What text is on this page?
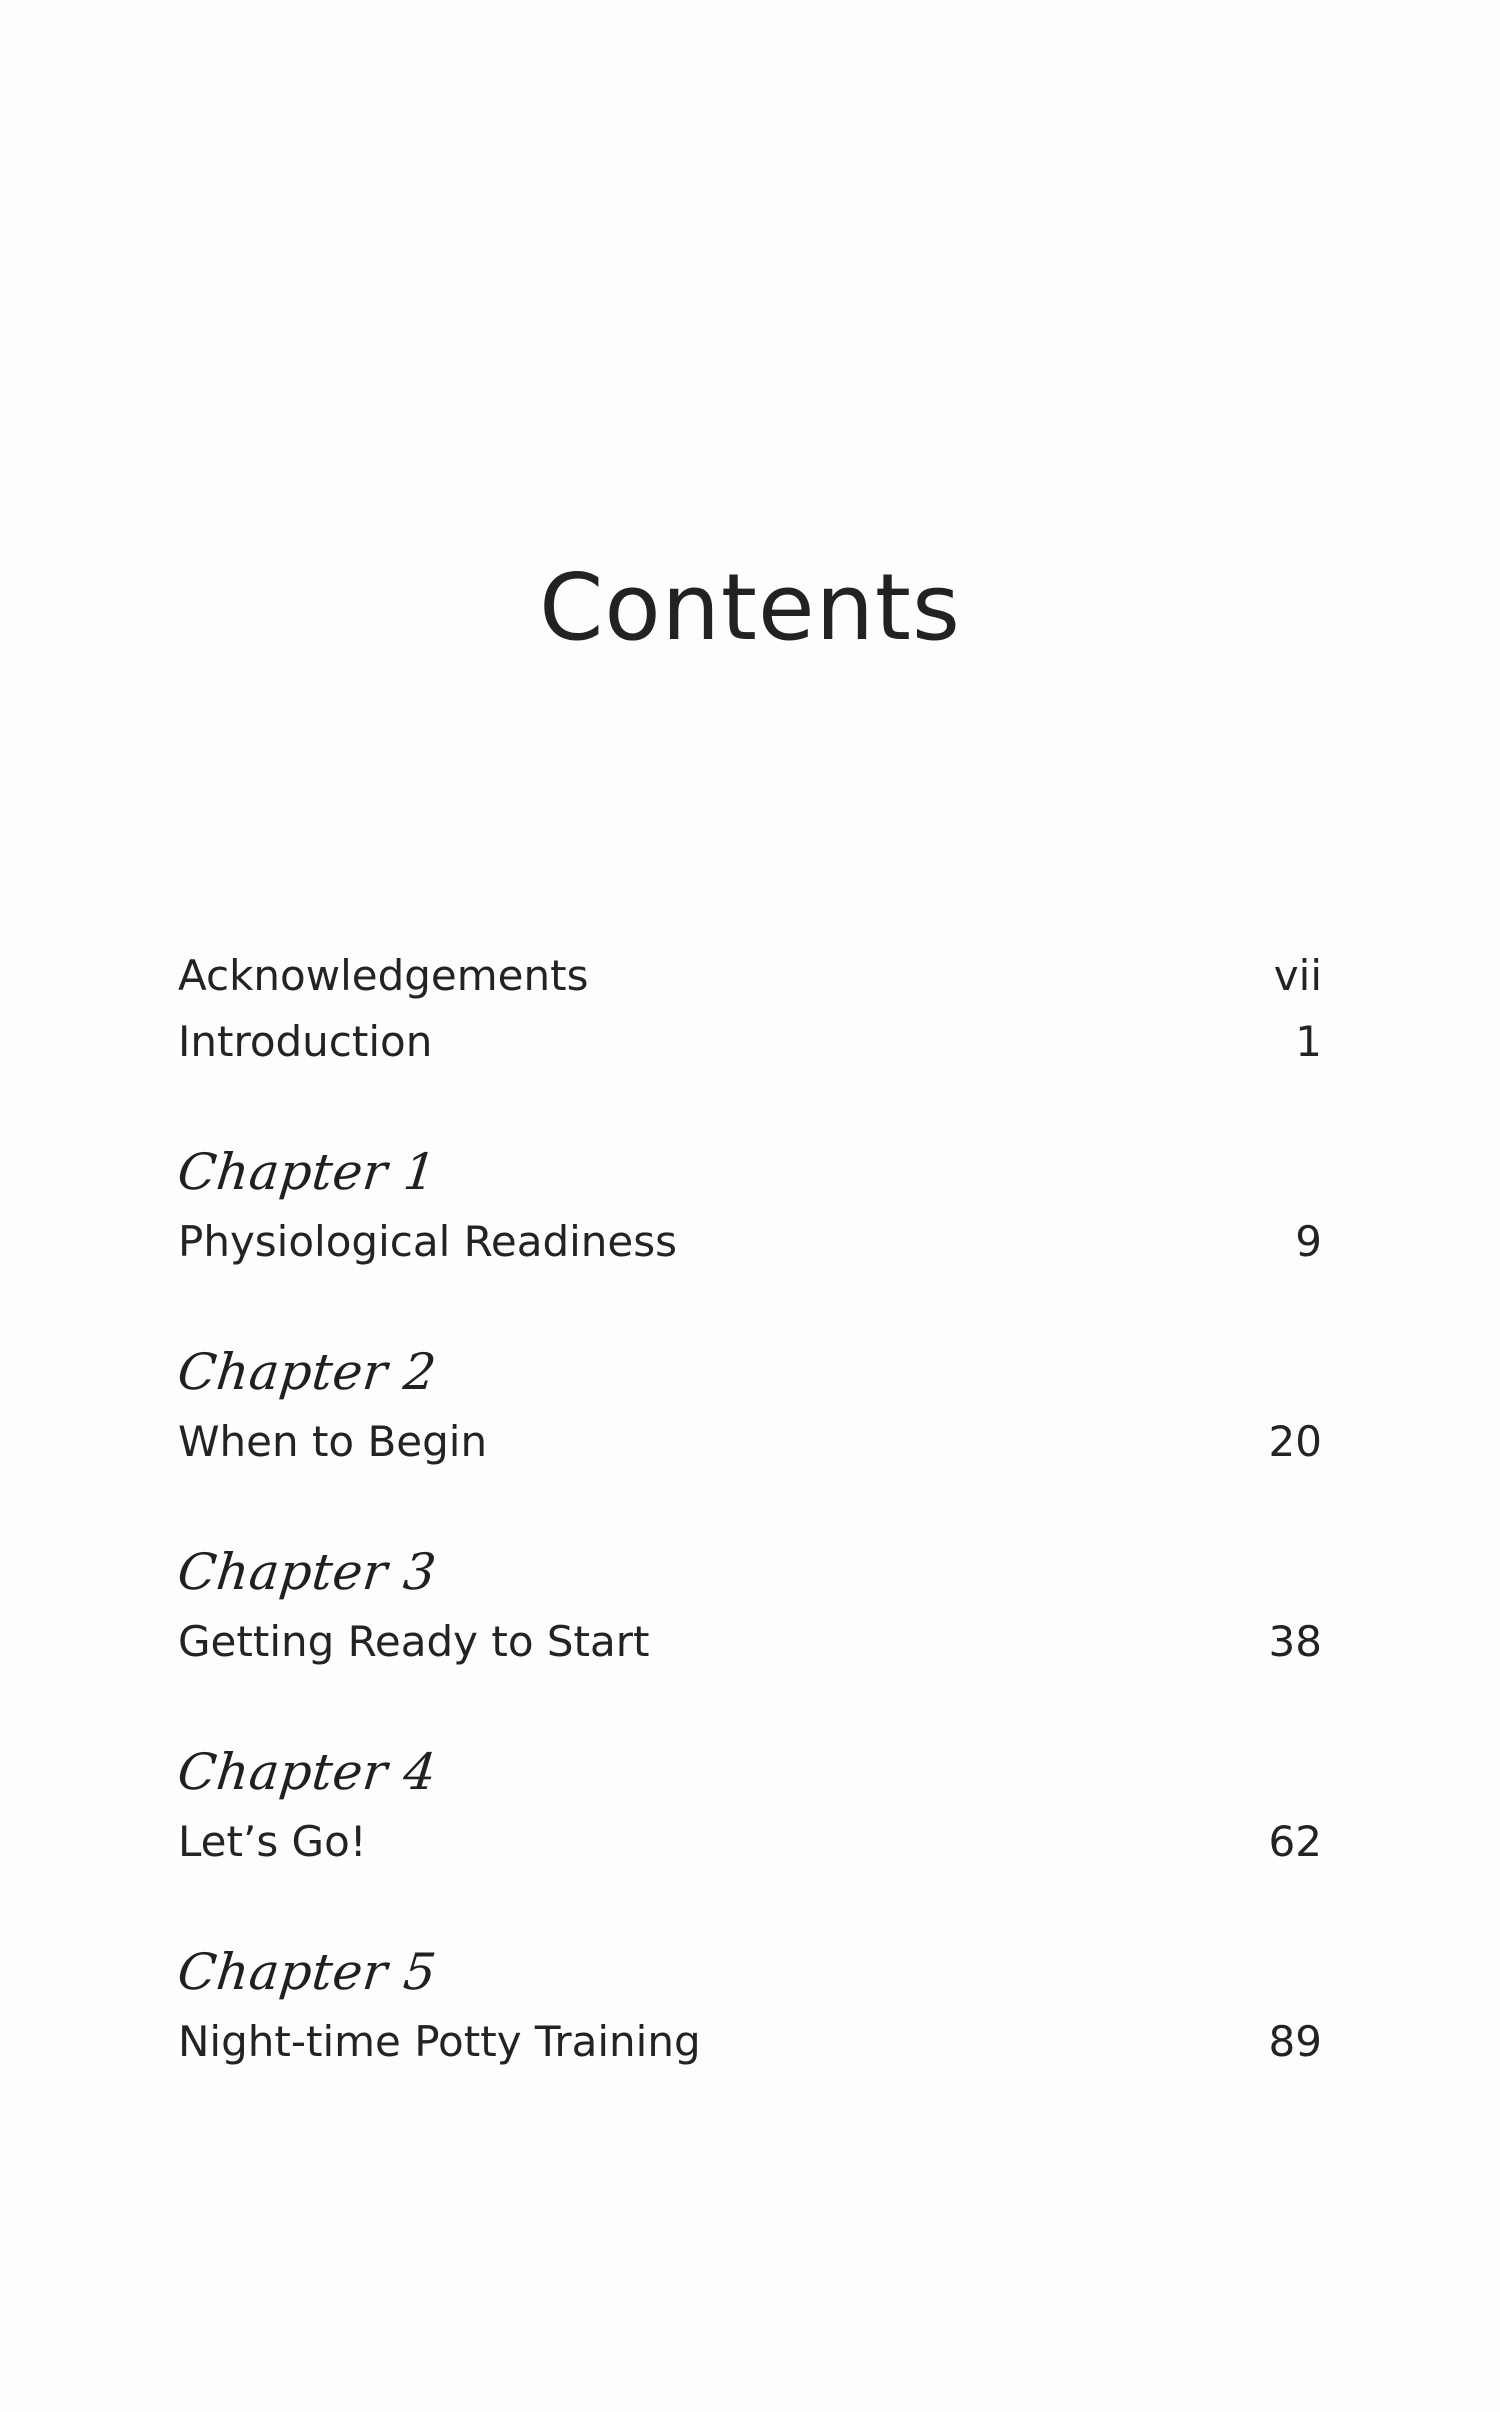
Contents
Acknowledgements	vii
Introduction	1
Chapter 1
Physiological Readiness	9
Chapter 2
When to Begin	20
Chapter 3
Getting Ready to Start	38
Chapter 4
Let’s Go!	62
Chapter 5
Night-time Potty Training	89
